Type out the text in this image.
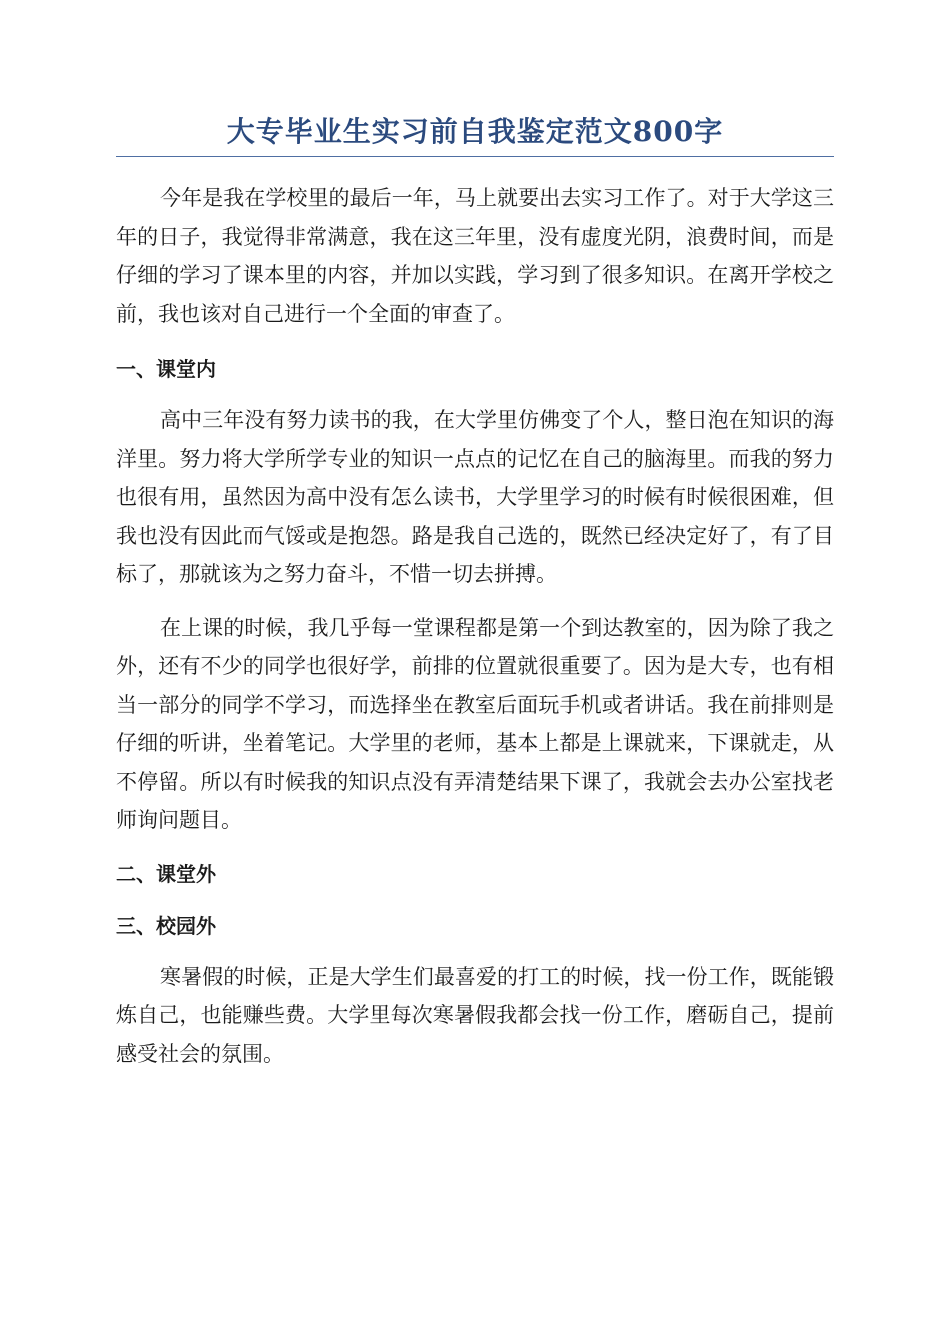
大专毕业生实习前自我鉴定范文800字

今年是我在学校里的最后一年，马上就要出去实习工作了。对于大学这三年的日子，我觉得非常满意，我在这三年里，没有虚度光阴，浪费时间，而是仔细的学习了课本里的内容，并加以实践，学习到了很多知识。在离开学校之前，我也该对自己进行一个全面的审查了。

一、课堂内

高中三年没有努力读书的我，在大学里仿佛变了个人，整日泡在知识的海洋里。努力将大学所学专业的知识一点点的记忆在自己的脑海里。而我的努力也很有用，虽然因为高中没有怎么读书，大学里学习的时候有时候很困难，但我也没有因此而气馁或是抱怨。路是我自己选的，既然已经决定好了，有了目标了，那就该为之努力奋斗，不惜一切去拼搏。

在上课的时候，我几乎每一堂课程都是第一个到达教室的，因为除了我之外，还有不少的同学也很好学，前排的位置就很重要了。因为是大专，也有相当一部分的同学不学习，而选择坐在教室后面玩手机或者讲话。我在前排则是仔细的听讲，坐着笔记。大学里的老师，基本上都是上课就来，下课就走，从不停留。所以有时候我的知识点没有弄清楚结果下课了，我就会去办公室找老师询问题目。

二、课堂外
三、校园外

寒暑假的时候，正是大学生们最喜爱的打工的时候，找一份工作，既能锻炼自己，也能赚些费。大学里每次寒暑假我都会找一份工作，磨砺自己，提前感受社会的氛围。
